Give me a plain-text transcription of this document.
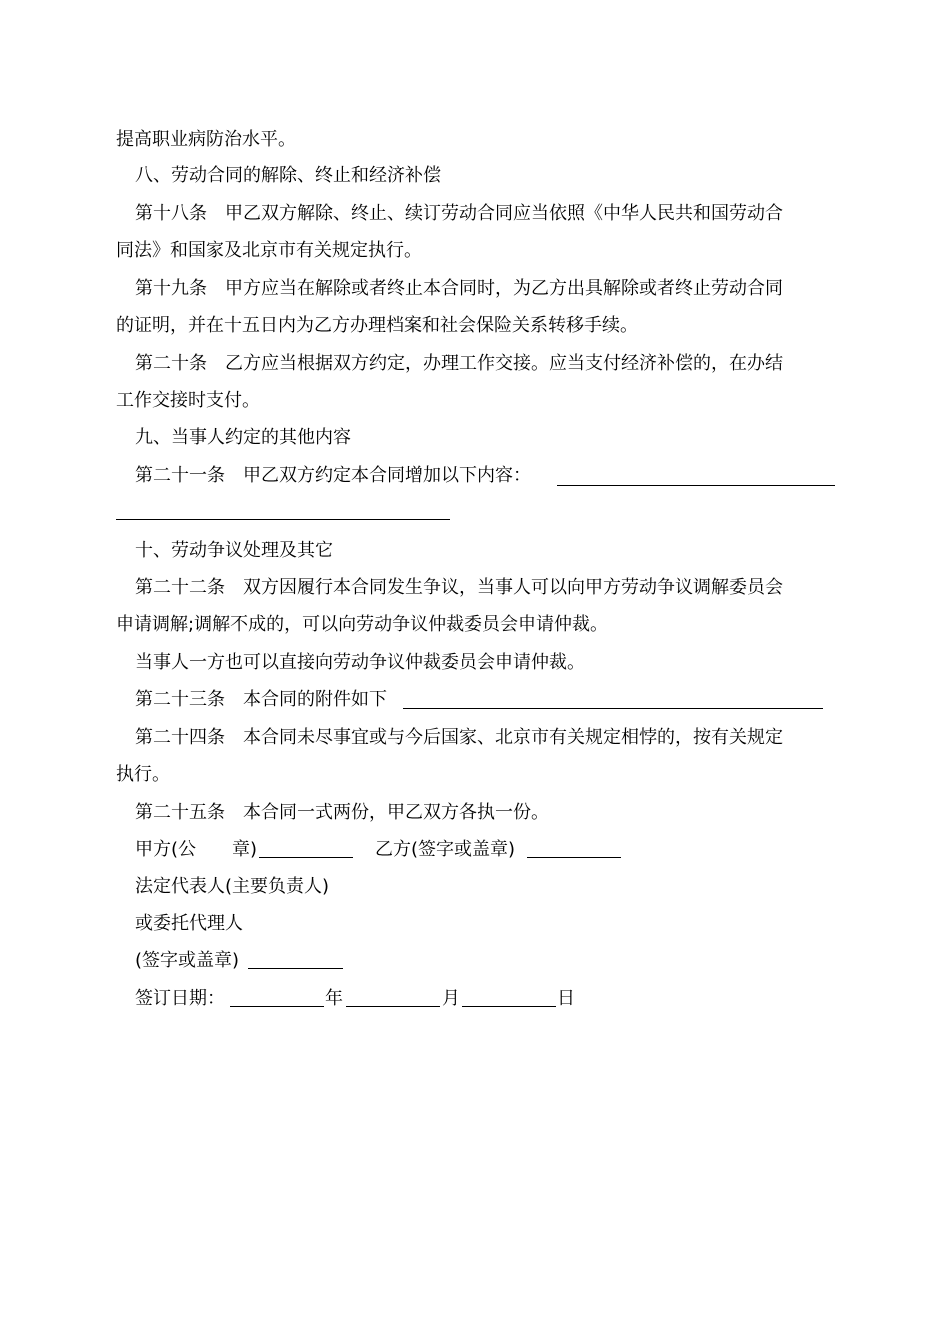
提高职业病防治水平。
八、劳动合同的解除、终止和经济补偿
第十八条　甲乙双方解除、终止、续订劳动合同应当依照《中华人民共和国劳动合
同法》和国家及北京市有关规定执行。
第十九条　甲方应当在解除或者终止本合同时，为乙方出具解除或者终止劳动合同
的证明，并在十五日内为乙方办理档案和社会保险关系转移手续。
第二十条　乙方应当根据双方约定，办理工作交接。应当支付经济补偿的，在办结
工作交接时支付。
九、当事人约定的其他内容
第二十一条　甲乙双方约定本合同增加以下内容：
十、劳动争议处理及其它
第二十二条　双方因履行本合同发生争议，当事人可以向甲方劳动争议调解委员会
申请调解;调解不成的，可以向劳动争议仲裁委员会申请仲裁。
当事人一方也可以直接向劳动争议仲裁委员会申请仲裁。
第二十三条　本合同的附件如下
第二十四条　本合同未尽事宜或与今后国家、北京市有关规定相悖的，按有关规定
执行。
第二十五条　本合同一式两份，甲乙双方各执一份。
甲方(公　　章)	乙方(签字或盖章)
法定代表人(主要负责人)
或委托代理人
(签字或盖章)
签订日期：	年	月	日
